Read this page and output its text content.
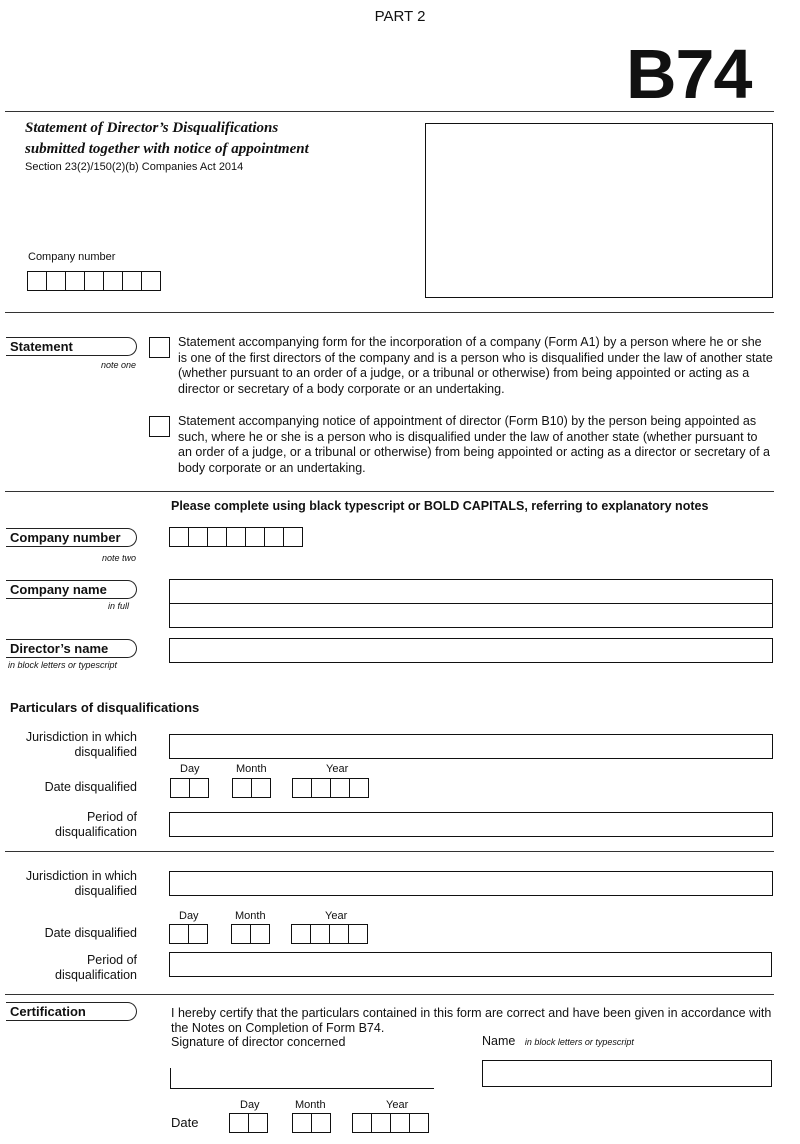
PART 2
B74
Statement of Director’s Disqualifications
submitted together with notice of appointment
Section 23(2)/150(2)(b) Companies Act 2014
Company number
Statement
note one
Statement accompanying form for the incorporation of a company (Form A1) by a person where he or she is one of the first directors of the company and is a person who is disqualified under the law of another state (whether pursuant to an order of a judge, or a tribunal or otherwise) from being appointed or acting as a director or secretary of a body corporate or an undertaking.
Statement accompanying notice of appointment of director (Form B10) by the person being appointed as such, where he or she is a person who is disqualified under the law of another state (whether pursuant to an order of a judge, or a tribunal or otherwise) from being appointed or acting as a director or secretary of a body corporate or an undertaking.
Please complete using black typescript or BOLD CAPITALS, referring to explanatory notes
Company number
note two
Company name
in full
Director’s name
in block letters or typescript
Particulars of disqualifications
Jurisdiction in which disqualified
Day	Month	Year
Date disqualified
Period of disqualification
Jurisdiction in which disqualified
Day	Month	Year
Date disqualified
Period of disqualification
Certification	I hereby certify that the particulars contained in this form are correct and have been given in accordance with the Notes on Completion of Form B74.
Signature of director concerned	Name in block letters or typescript
Day	Month	Year
Date
